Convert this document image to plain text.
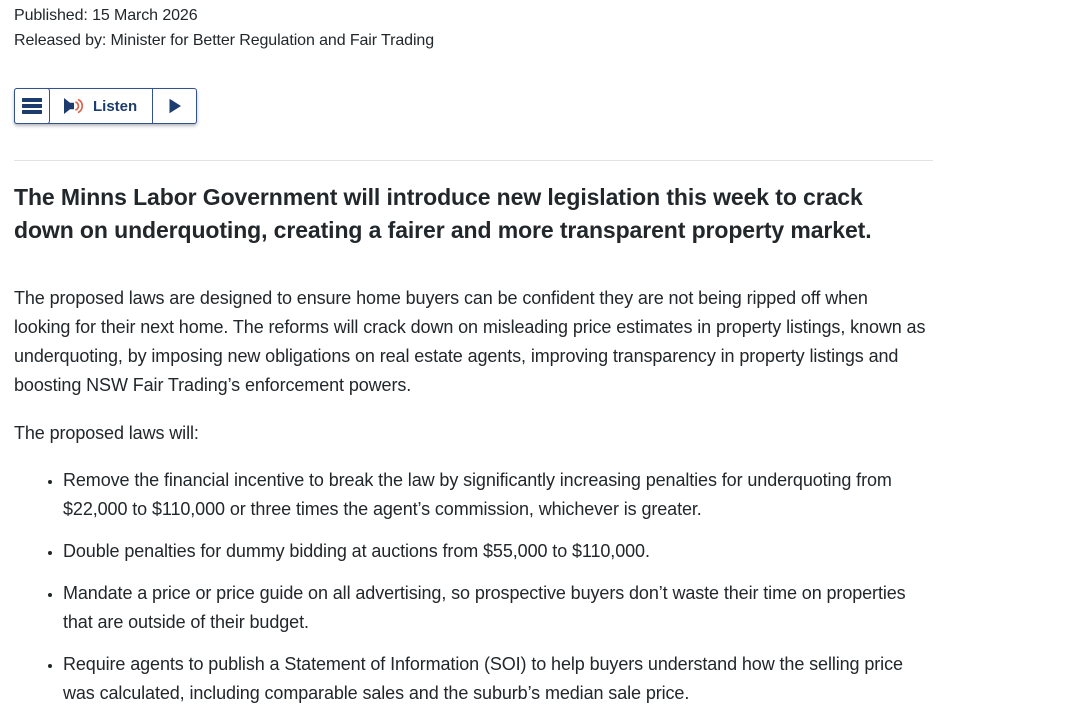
Published: 15 March 2026
Released by: Minister for Better Regulation and Fair Trading
Listen
The Minns Labor Government will introduce new legislation this week to crack down on underquoting, creating a fairer and more transparent property market.

The proposed laws are designed to ensure home buyers can be confident they are not being ripped off when looking for their next home. The reforms will crack down on misleading price estimates in property listings, known as underquoting, by imposing new obligations on real estate agents, improving transparency in property listings and boosting NSW Fair Trading’s enforcement powers.

The proposed laws will:

• Remove the financial incentive to break the law by significantly increasing penalties for underquoting from $22,000 to $110,000 or three times the agent’s commission, whichever is greater.
• Double penalties for dummy bidding at auctions from $55,000 to $110,000.
• Mandate a price or price guide on all advertising, so prospective buyers don’t waste their time on properties that are outside of their budget.
• Require agents to publish a Statement of Information (SOI) to help buyers understand how the selling price was calculated, including comparable sales and the suburb’s median sale price.
